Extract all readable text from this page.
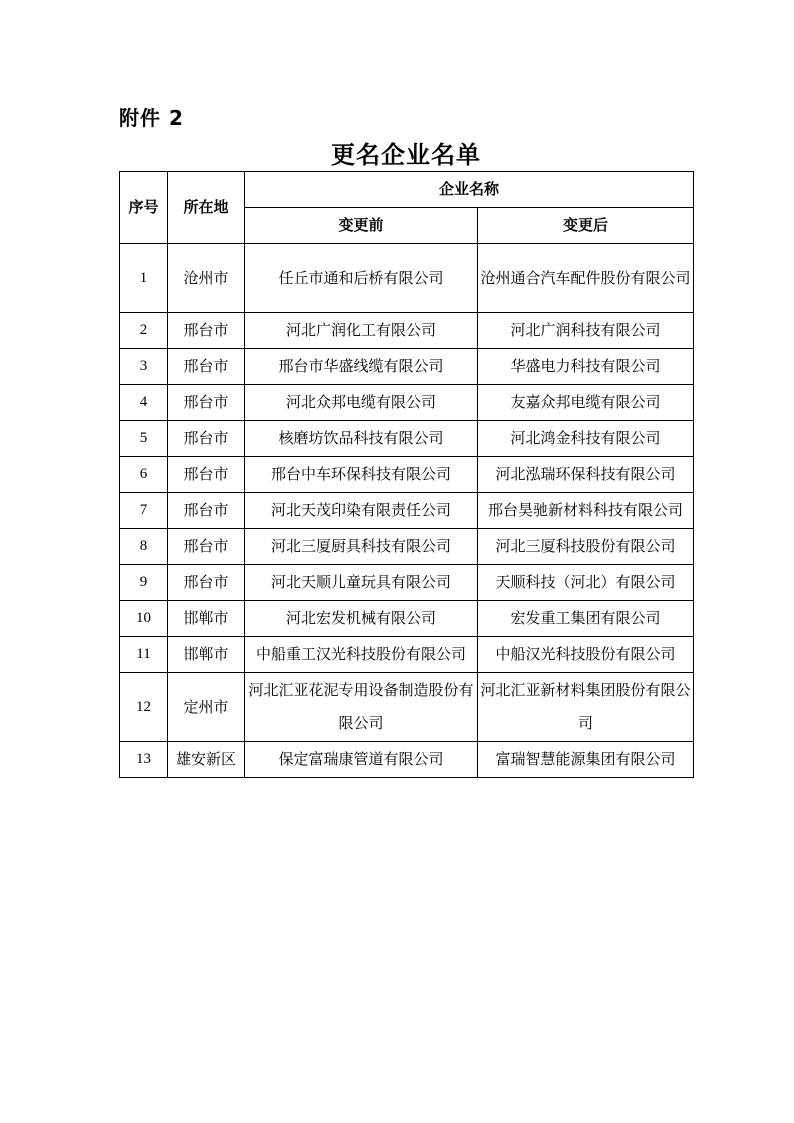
附件 2
更名企业名单
序号	所在地	企业名称	
		变更前	变更后
1	沧州市	任丘市通和后桥有限公司	沧州通合汽车配件股份有限公司
2	邢台市	河北广润化工有限公司	河北广润科技有限公司
3	邢台市	邢台市华盛线缆有限公司	华盛电力科技有限公司
4	邢台市	河北众邦电缆有限公司	友嘉众邦电缆有限公司
5	邢台市	核磨坊饮品科技有限公司	河北鸿金科技有限公司
6	邢台市	邢台中车环保科技有限公司	河北泓瑞环保科技有限公司
7	邢台市	河北天茂印染有限责任公司	邢台昊驰新材料科技有限公司
8	邢台市	河北三厦厨具科技有限公司	河北三厦科技股份有限公司
9	邢台市	河北天顺儿童玩具有限公司	天顺科技（河北）有限公司
10	邯郸市	河北宏发机械有限公司	宏发重工集团有限公司
11	邯郸市	中船重工汉光科技股份有限公司	中船汉光科技股份有限公司
12	定州市	河北汇亚花泥专用设备制造股份有限公司	河北汇亚新材料集团股份有限公司
13	雄安新区	保定富瑞康管道有限公司	富瑞智慧能源集团有限公司
